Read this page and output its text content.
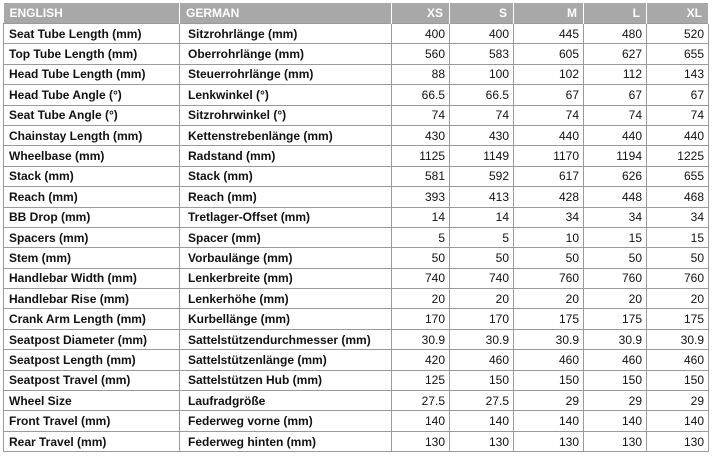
ENGLISH	GERMAN	XS	S	M	L	XL
Seat Tube Length (mm)	Sitzrohrlänge (mm)	400	400	445	480	520
Top Tube Length (mm)	Oberrohrlänge (mm)	560	583	605	627	655
Head Tube Length (mm)	Steuerrohrlänge (mm)	88	100	102	112	143
Head Tube Angle (°)	Lenkwinkel (°)	66.5	66.5	67	67	67
Seat Tube Angle (°)	Sitzrohrwinkel (°)	74	74	74	74	74
Chainstay Length (mm)	Kettenstrebenlänge (mm)	430	430	440	440	440
Wheelbase (mm)	Radstand (mm)	1125	1149	1170	1194	1225
Stack (mm)	Stack (mm)	581	592	617	626	655
Reach (mm)	Reach (mm)	393	413	428	448	468
BB Drop (mm)	Tretlager-Offset (mm)	14	14	34	34	34
Spacers (mm)	Spacer (mm)	5	5	10	15	15
Stem (mm)	Vorbaulänge (mm)	50	50	50	50	50
Handlebar Width (mm)	Lenkerbreite (mm)	740	740	760	760	760
Handlebar Rise (mm)	Lenkerhöhe (mm)	20	20	20	20	20
Crank Arm Length (mm)	Kurbellänge (mm)	170	170	175	175	175
Seatpost Diameter (mm)	Sattelstützendurchmesser (mm)	30.9	30.9	30.9	30.9	30.9
Seatpost Length (mm)	Sattelstützenlänge (mm)	420	460	460	460	460
Seatpost Travel (mm)	Sattelstützen Hub (mm)	125	150	150	150	150
Wheel Size	Laufradgröße	27.5	27.5	29	29	29
Front Travel (mm)	Federweg vorne (mm)	140	140	140	140	140
Rear Travel (mm)	Federweg hinten (mm)	130	130	130	130	130
